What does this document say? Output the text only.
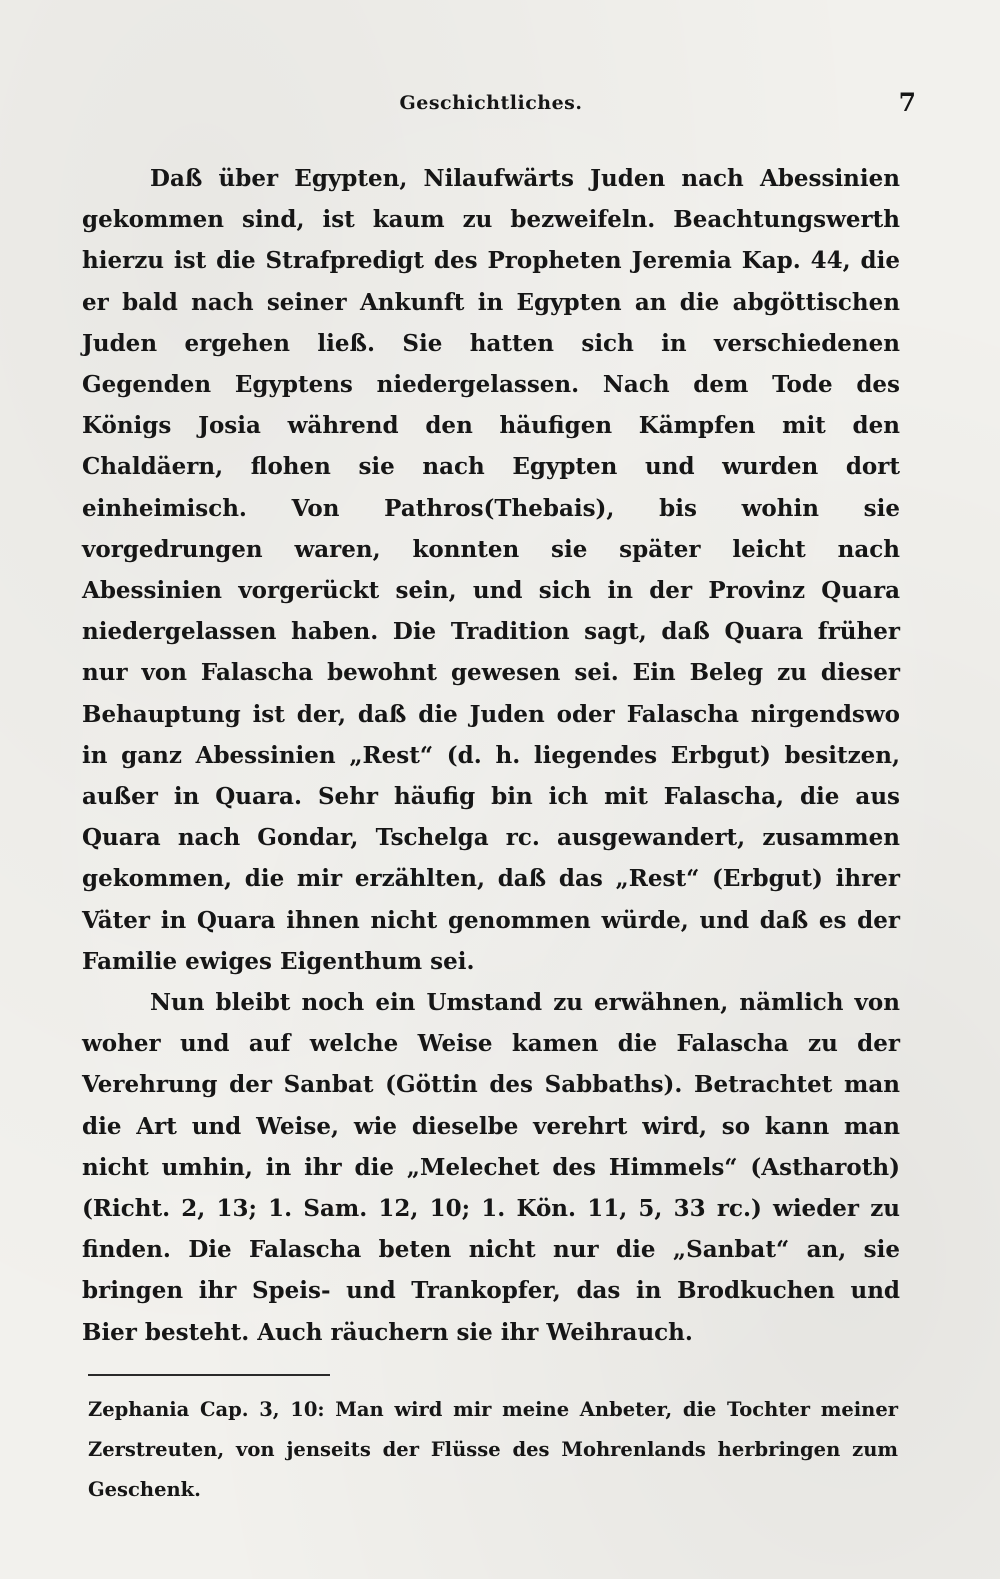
Geschichtliches.	7

Daß über Egypten, Nilaufwärts Juden nach Abessinien gekommen sind, ist kaum zu bezweifeln. Beachtungswerth hierzu ist die Strafpredigt des Propheten Jeremia Kap. 44, die er bald nach seiner Ankunft in Egypten an die abgöttischen Juden ergehen ließ. Sie hatten sich in verschiedenen Gegenden Egyptens niedergelassen. Nach dem Tode des Königs Josia während den häufigen Kämpfen mit den Chaldäern, flohen sie nach Egypten und wurden dort einheimisch. Von Pathros(Thebais), bis wohin sie vorgedrungen waren, konnten sie später leicht nach Abessinien vorgerückt sein, und sich in der Provinz Quara niedergelassen haben. Die Tradition sagt, daß Quara früher nur von Falascha bewohnt gewesen sei. Ein Beleg zu dieser Behauptung ist der, daß die Juden oder Falascha nirgendswo in ganz Abessinien „Rest“ (d. h. liegendes Erbgut) besitzen, außer in Quara. Sehr häufig bin ich mit Falascha, die aus Quara nach Gondar, Tschelga rc. ausgewandert, zusammen gekommen, die mir erzählten, daß das „Rest“ (Erbgut) ihrer Väter in Quara ihnen nicht genommen würde, und daß es der Familie ewiges Eigenthum sei.

Nun bleibt noch ein Umstand zu erwähnen, nämlich von woher und auf welche Weise kamen die Falascha zu der Verehrung der Sanbat (Göttin des Sabbaths). Betrachtet man die Art und Weise, wie dieselbe verehrt wird, so kann man nicht umhin, in ihr die „Melechet des Himmels“ (Astharoth) (Richt. 2, 13; 1. Sam. 12, 10; 1. Kön. 11, 5, 33 rc.) wieder zu finden. Die Falascha beten nicht nur die „Sanbat“ an, sie bringen ihr Speis- und Trankopfer, das in Brodkuchen und Bier besteht. Auch räuchern sie ihr Weihrauch.

Zephania Cap. 3, 10: Man wird mir meine Anbeter, die Tochter meiner Zerstreuten, von jenseits der Flüsse des Mohrenlands herbringen zum Geschenk.
